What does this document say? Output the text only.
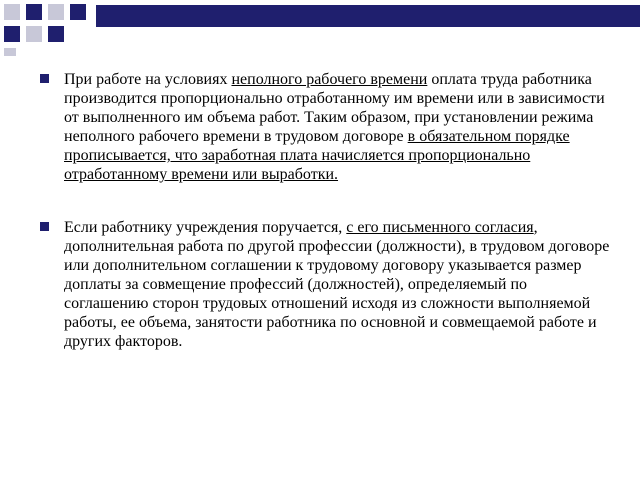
При работе на условиях неполного рабочего времени оплата труда работника производится пропорционально отработанному им времени или в зависимости от выполненного им объема работ. Таким образом, при установлении режима неполного рабочего времени в трудовом договоре в обязательном порядке прописывается, что заработная плата начисляется пропорционально отработанному времени или выработки.
Если работнику учреждения поручается, с его письменного согласия, дополнительная работа по другой профессии (должности), в трудовом договоре или дополнительном соглашении к трудовому договору указывается размер доплаты за совмещение профессий (должностей), определяемый по соглашению сторон трудовых отношений исходя из сложности выполняемой работы, ее объема, занятости работника по основной и совмещаемой работе и других факторов.
